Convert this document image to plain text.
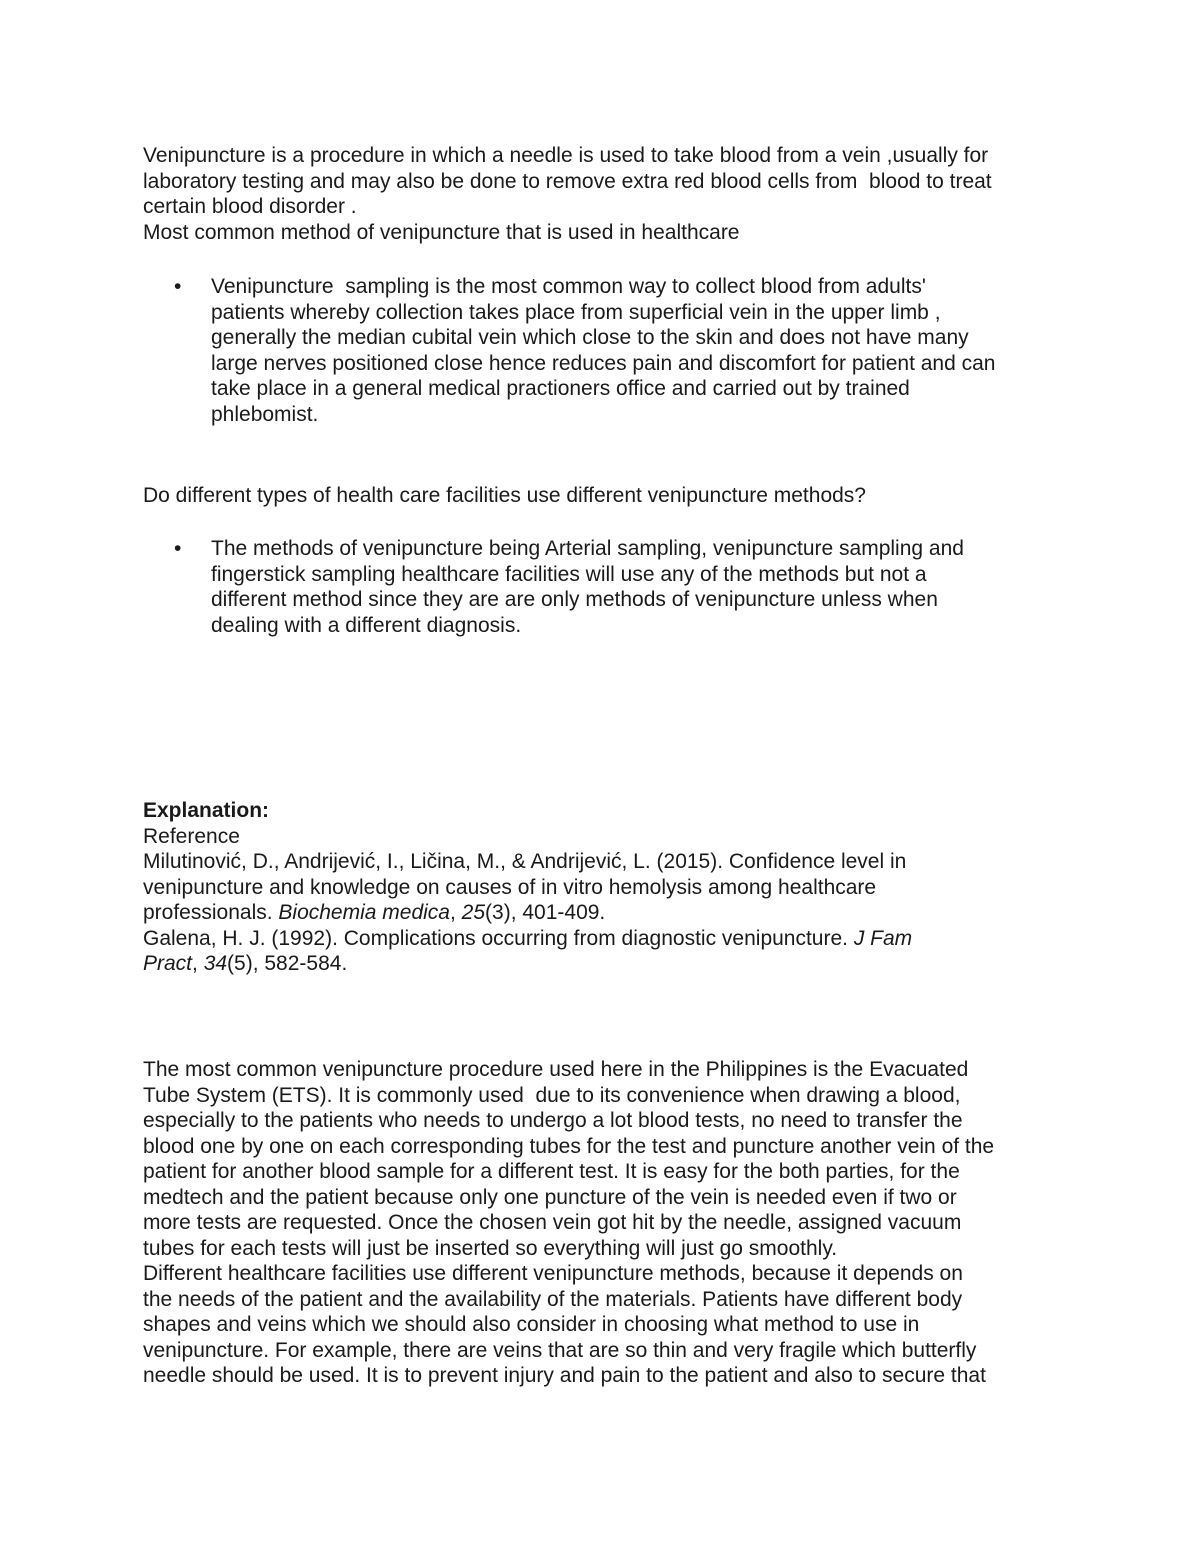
Venipuncture is a procedure in which a needle is used to take blood from a vein ,usually for
laboratory testing and may also be done to remove extra red blood cells from  blood to treat
certain blood disorder .
Most common method of venipuncture that is used in healthcare
• Venipuncture  sampling is the most common way to collect blood from adults'
patients whereby collection takes place from superficial vein in the upper limb ,
generally the median cubital vein which close to the skin and does not have many
large nerves positioned close hence reduces pain and discomfort for patient and can
take place in a general medical practioners office and carried out by trained
phlebomist.
Do different types of health care facilities use different venipuncture methods?
• The methods of venipuncture being Arterial sampling, venipuncture sampling and
fingerstick sampling healthcare facilities will use any of the methods but not a
different method since they are are only methods of venipuncture unless when
dealing with a different diagnosis.
Explanation:
Reference
Milutinović, D., Andrijević, I., Ličina, M., & Andrijević, L. (2015). Confidence level in
venipuncture and knowledge on causes of in vitro hemolysis among healthcare
professionals. Biochemia medica, 25(3), 401-409.
Galena, H. J. (1992). Complications occurring from diagnostic venipuncture. J Fam
Pract, 34(5), 582-584.
The most common venipuncture procedure used here in the Philippines is the Evacuated
Tube System (ETS). It is commonly used  due to its convenience when drawing a blood,
especially to the patients who needs to undergo a lot blood tests, no need to transfer the
blood one by one on each corresponding tubes for the test and puncture another vein of the
patient for another blood sample for a different test. It is easy for the both parties, for the
medtech and the patient because only one puncture of the vein is needed even if two or
more tests are requested. Once the chosen vein got hit by the needle, assigned vacuum
tubes for each tests will just be inserted so everything will just go smoothly.
Different healthcare facilities use different venipuncture methods, because it depends on
the needs of the patient and the availability of the materials. Patients have different body
shapes and veins which we should also consider in choosing what method to use in
venipuncture. For example, there are veins that are so thin and very fragile which butterfly
needle should be used. It is to prevent injury and pain to the patient and also to secure that
